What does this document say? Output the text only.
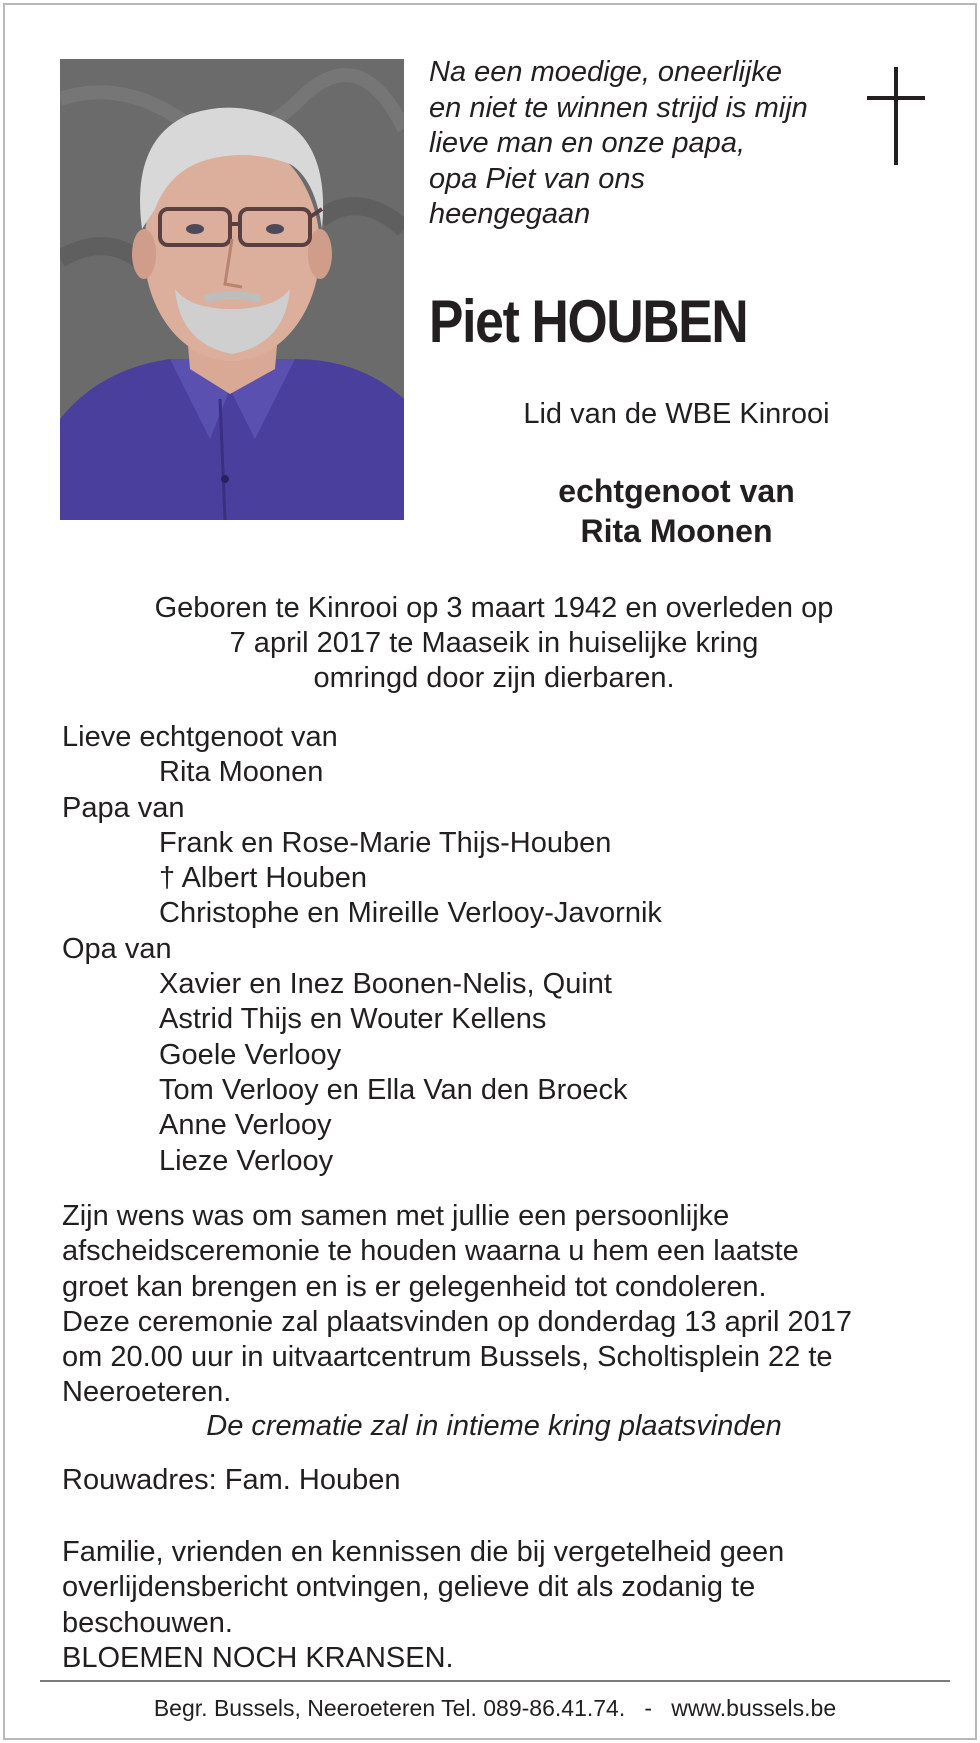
Na een moedige, oneerlijke
en niet te winnen strijd is mijn
lieve man en onze papa,
opa Piet van ons
heengegaan
Piet HOUBEN
Lid van de WBE Kinrooi
echtgenoot van
Rita Moonen
Geboren te Kinrooi op 3 maart 1942 en overleden op
7 april 2017 te Maaseik in huiselijke kring
omringd door zijn dierbaren.
Lieve echtgenoot van
Rita Moonen
Papa van
Frank en Rose-Marie Thijs-Houben
† Albert Houben
Christophe en Mireille Verlooy-Javornik
Opa van
Xavier en Inez Boonen-Nelis, Quint
Astrid Thijs en Wouter Kellens
Goele Verlooy
Tom Verlooy en Ella Van den Broeck
Anne Verlooy
Lieze Verlooy
Zijn wens was om samen met jullie een persoonlijke
afscheidsceremonie te houden waarna u hem een laatste
groet kan brengen en is er gelegenheid tot condoleren.
Deze ceremonie zal plaatsvinden op donderdag 13 april 2017
om 20.00 uur in uitvaartcentrum Bussels, Scholtisplein 22 te
Neeroeteren.
De crematie zal in intieme kring plaatsvinden
Rouwadres: Fam. Houben
Familie, vrienden en kennissen die bij vergetelheid geen
overlijdensbericht ontvingen, gelieve dit als zodanig te
beschouwen.
BLOEMEN NOCH KRANSEN.
Begr. Bussels, Neeroeteren Tel. 089-86.41.74.   -   www.bussels.be
